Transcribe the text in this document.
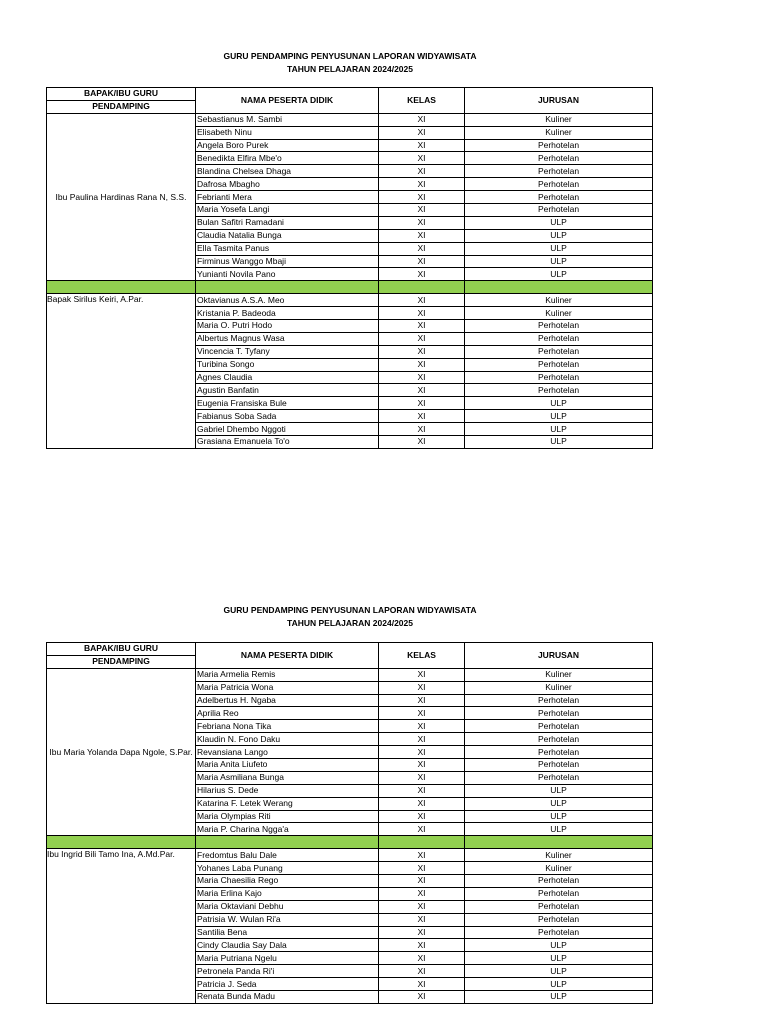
GURU PENDAMPING PENYUSUNAN LAPORAN WIDYAWISATA
TAHUN PELAJARAN 2024/2025
BAPAK/IBU GURU	NAMA PESERTA DIDIK	KELAS	JURUSAN
PENDAMPING			
Ibu Paulina Hardinas Rana N, S.S.	Sebastianus M. Sambi	XI	Kuliner
	Elisabeth Ninu	XI	Kuliner
	Angela Boro Purek	XI	Perhotelan
	Benedikta Elfira Mbe'o	XI	Perhotelan
	Blandina Chelsea Dhaga	XI	Perhotelan
	Dafrosa Mbagho	XI	Perhotelan
	Febrianti Mera	XI	Perhotelan
	Maria Yosefa Langi	XI	Perhotelan
	Bulan Safitri Ramadani	XI	ULP
	Claudia Natalia Bunga	XI	ULP
	Ella Tasmita Panus	XI	ULP
	Firminus Wanggo Mbaji	XI	ULP
	Yunianti Novila Pano	XI	ULP

Bapak Sirilus Keiri, A.Par.	Oktavianus A.S.A. Meo	XI	Kuliner
	Kristania P. Badeoda	XI	Kuliner
	Maria O. Putri Hodo	XI	Perhotelan
	Albertus Magnus Wasa	XI	Perhotelan
	Vincencia T. Tyfany	XI	Perhotelan
	Turibina Songo	XI	Perhotelan
	Agnes Claudia	XI	Perhotelan
	Agustin Banfatin	XI	Perhotelan
	Eugenia Fransiska Bule	XI	ULP
	Fabianus Soba Sada	XI	ULP
	Gabriel Dhembo Nggoti	XI	ULP
	Grasiana Emanuela To'o	XI	ULP
GURU PENDAMPING PENYUSUNAN LAPORAN WIDYAWISATA
TAHUN PELAJARAN 2024/2025
BAPAK/IBU GURU	NAMA PESERTA DIDIK	KELAS	JURUSAN
PENDAMPING			
Ibu Maria Yolanda Dapa Ngole, S.Par.	Maria Armelia Remis	XI	Kuliner
	Maria Patricia Wona	XI	Kuliner
	Adelbertus H. Ngaba	XI	Perhotelan
	Aprilia Reo	XI	Perhotelan
	Febriana Nona Tika	XI	Perhotelan
	Klaudin N. Fono Daku	XI	Perhotelan
	Revansiana Lango	XI	Perhotelan
	Maria Anita Liufeto	XI	Perhotelan
	Maria Asmiliana Bunga	XI	Perhotelan
	Hilarius S. Dede	XI	ULP
	Katarina F. Letek Werang	XI	ULP
	Maria Olympias Riti	XI	ULP
	Maria P. Charina Ngga'a	XI	ULP

Ibu Ingrid Bili Tamo Ina, A.Md.Par.	Fredomtus Balu Dale	XI	Kuliner
	Yohanes Laba Punang	XI	Kuliner
	Maria Chaesilia Rego	XI	Perhotelan
	Maria Erlina Kajo	XI	Perhotelan
	Maria Oktaviani Debhu	XI	Perhotelan
	Patrisia W. Wulan Ri'a	XI	Perhotelan
	Santilia Bena	XI	Perhotelan
	Cindy Claudia Say Dala	XI	ULP
	Maria Putriana Ngelu	XI	ULP
	Petronela Panda Ri'i	XI	ULP
	Patricia J. Seda	XI	ULP
	Renata Bunda Madu	XI	ULP
